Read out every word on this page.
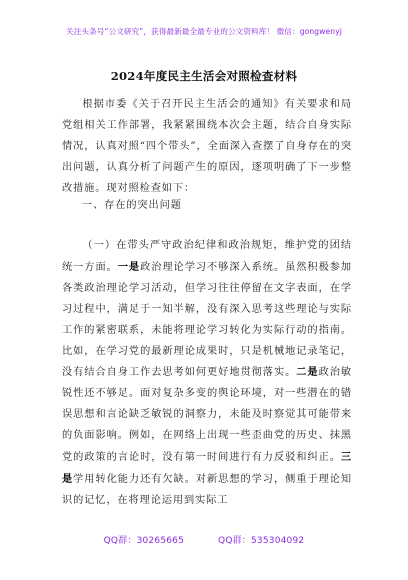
关注头条号“公文研究”，获得最新最全最专业的公文资料库！ 微信：gongwenyj
2024年度民主生活会对照检查材料
根据市委《关于召开民主生活会的通知》有关要求和局党组相关工作部署，我紧紧围绕本次会主题，结合自身实际情况，认真对照“四个带头”，全面深入查摆了自身存在的突出问题，认真分析了问题产生的原因，逐项明确了下一步整改措施。现对照检查如下：
一、存在的突出问题
（一）在带头严守政治纪律和政治规矩，维护党的团结统一方面。一是政治理论学习不够深入系统。虽然积极参加各类政治理论学习活动，但学习往往停留在文字表面，在学习过程中，满足于一知半解，没有深入思考这些理论与实际工作的紧密联系，未能将理论学习转化为实际行动的指南。比如，在学习党的最新理论成果时，只是机械地记录笔记，没有结合自身工作去思考如何更好地贯彻落实。二是政治敏锐性还不够足。面对复杂多变的舆论环境，对一些潜在的错误思想和言论缺乏敏锐的洞察力，未能及时察觉其可能带来的负面影响。例如，在网络上出现一些歪曲党的历史、抹黑党的政策的言论时，没有第一时间进行有力反驳和纠正。三是学用转化能力还有欠缺。对新思想的学习，侧重于理论知识的记忆，在将理论运用到实际工
QQ群：30265665	QQ群：535304092
